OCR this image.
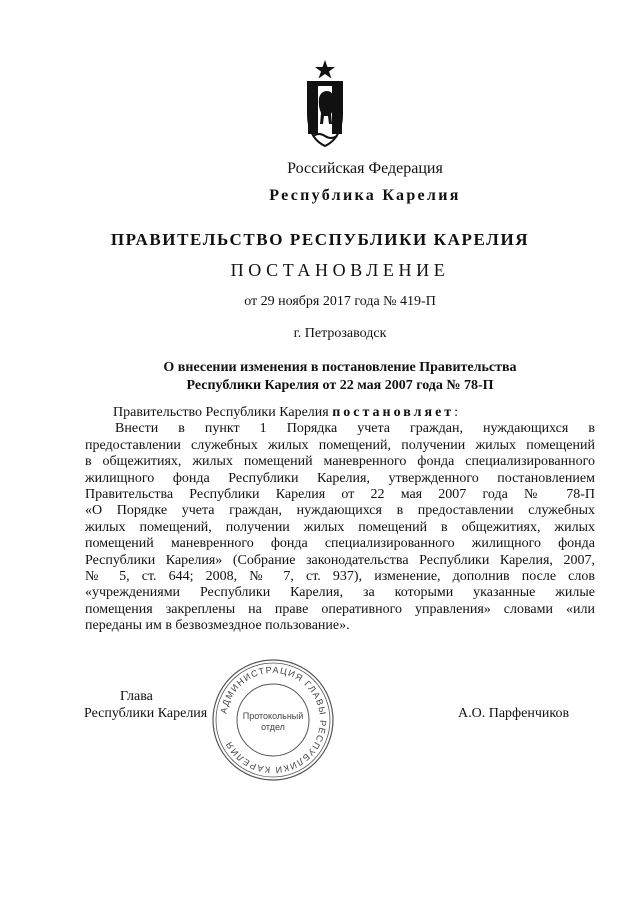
Российская Федерация
Республика Карелия
ПРАВИТЕЛЬСТВО РЕСПУБЛИКИ КАРЕЛИЯ
ПОСТАНОВЛЕНИЕ
от 29 ноября 2017 года № 419-П
г. Петрозаводск
О внесении изменения в постановление Правительства
Республики Карелия от 22 мая 2007 года № 78-П
Правительство Республики Карелия постановляет:
Внести в пункт 1 Порядка учета граждан, нуждающихся в
предоставлении служебных жилых помещений, получении жилых помещений
в общежитиях, жилых помещений маневренного фонда специализированного
жилищного фонда Республики Карелия, утвержденного постановлением
Правительства Республики Карелия от 22 мая 2007 года № 78-П
«О Порядке учета граждан, нуждающихся в предоставлении служебных
жилых помещений, получении жилых помещений в общежитиях, жилых
помещений маневренного фонда специализированного жилищного фонда
Республики Карелия» (Собрание законодательства Республики Карелия, 2007,
№ 5, ст. 644; 2008, № 7, ст. 937), изменение, дополнив после слов
«учреждениями Республики Карелия, за которыми указанные жилые
помещения закреплены на праве оперативного управления» словами «или
переданы им в безвозмездное пользование».
АДМИНИСТРАЦИЯ ГЛАВЫ РЕСПУБЛИКИ КАРЕЛИЯ
Протокольный
отдел
Глава
Республики Карелия	А.О. Парфенчиков
